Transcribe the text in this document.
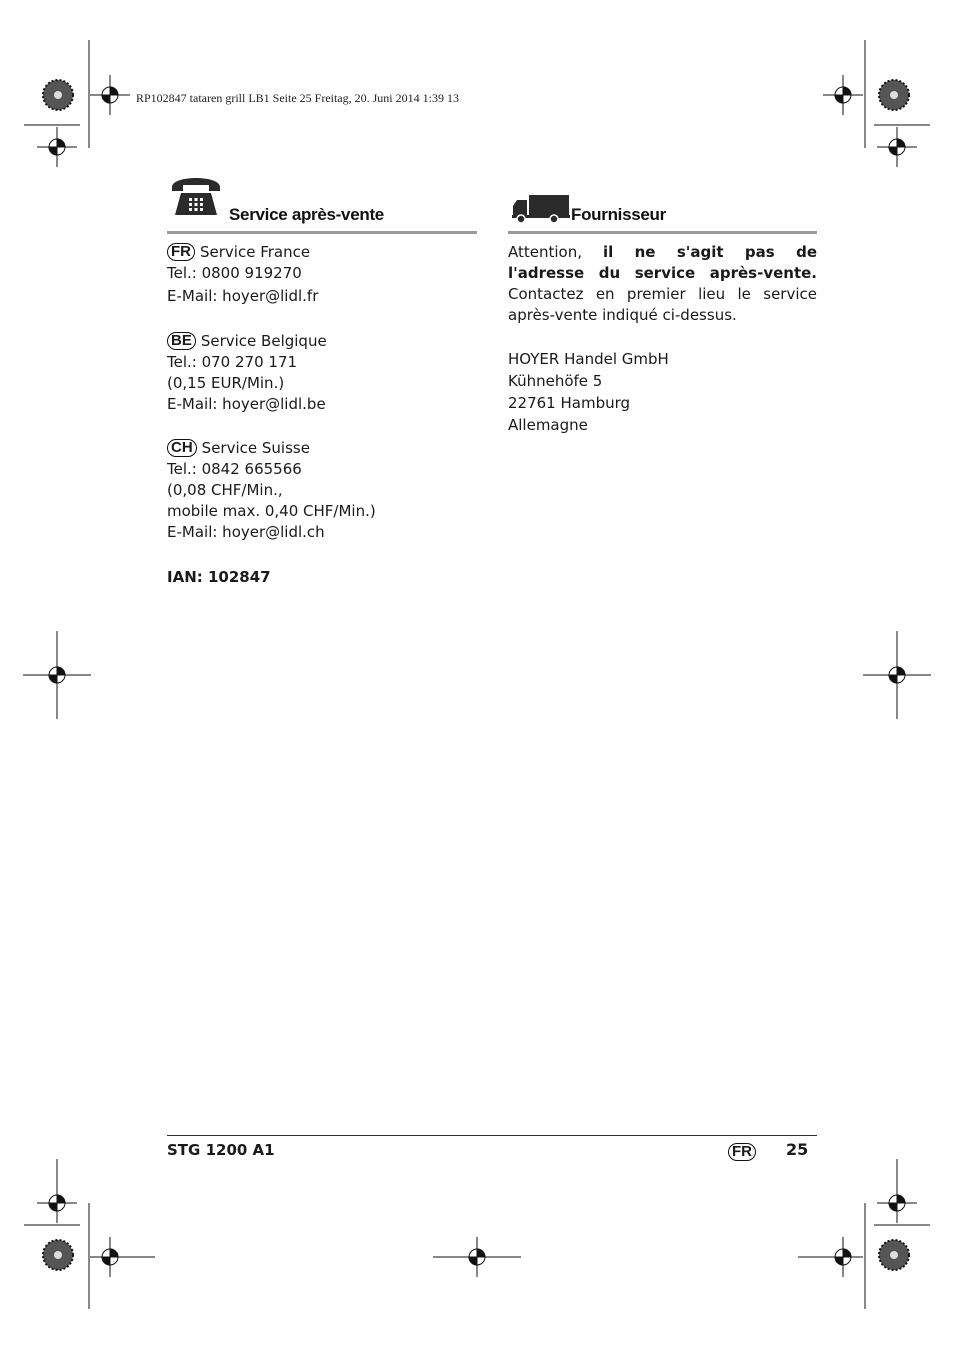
RP102847 tataren grill LB1 Seite 25 Freitag, 20. Juni 2014 1:39 13
Service après-vente
FR Service France
Tel.: 0800 919270
E-Mail: hoyer@lidl.fr
BE Service Belgique
Tel.: 070 270 171
(0,15 EUR/Min.)
E-Mail: hoyer@lidl.be
CH Service Suisse
Tel.: 0842 665566
(0,08 CHF/Min.,
mobile max. 0,40 CHF/Min.)
E-Mail: hoyer@lidl.ch
IAN: 102847
Fournisseur
Attention, il ne s'agit pas de l'adresse du service après-vente. Contactez en premier lieu le service après-vente indiqué ci-dessus.
HOYER Handel GmbH
Kühnehöfe 5
22761 Hamburg
Allemagne
STG 1200 A1	FR 25
